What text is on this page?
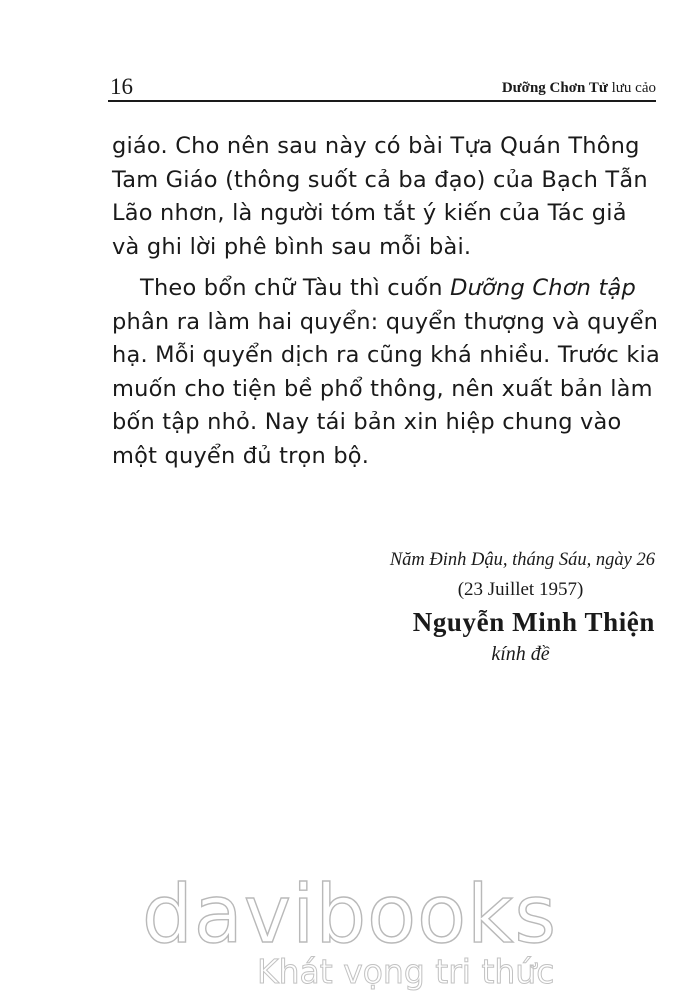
16	Dưỡng Chơn Tử lưu cảo

giáo. Cho nên sau này có bài Tựa Quán Thông Tam Giáo (thông suốt cả ba đạo) của Bạch Tẫn Lão nhơn, là người tóm tắt ý kiến của Tác giả và ghi lời phê bình sau mỗi bài.

Theo bổn chữ Tàu thì cuốn Dưỡng Chơn tập phân ra làm hai quyển: quyển thượng và quyển hạ. Mỗi quyển dịch ra cũng khá nhiều. Trước kia muốn cho tiện bề phổ thông, nên xuất bản làm bốn tập nhỏ. Nay tái bản xin hiệp chung vào một quyển đủ trọn bộ.

Năm Đinh Dậu, tháng Sáu, ngày 26
(23 Juillet 1957)
Nguyễn Minh Thiện
kính đề
davibooks
Khát vọng tri thức
